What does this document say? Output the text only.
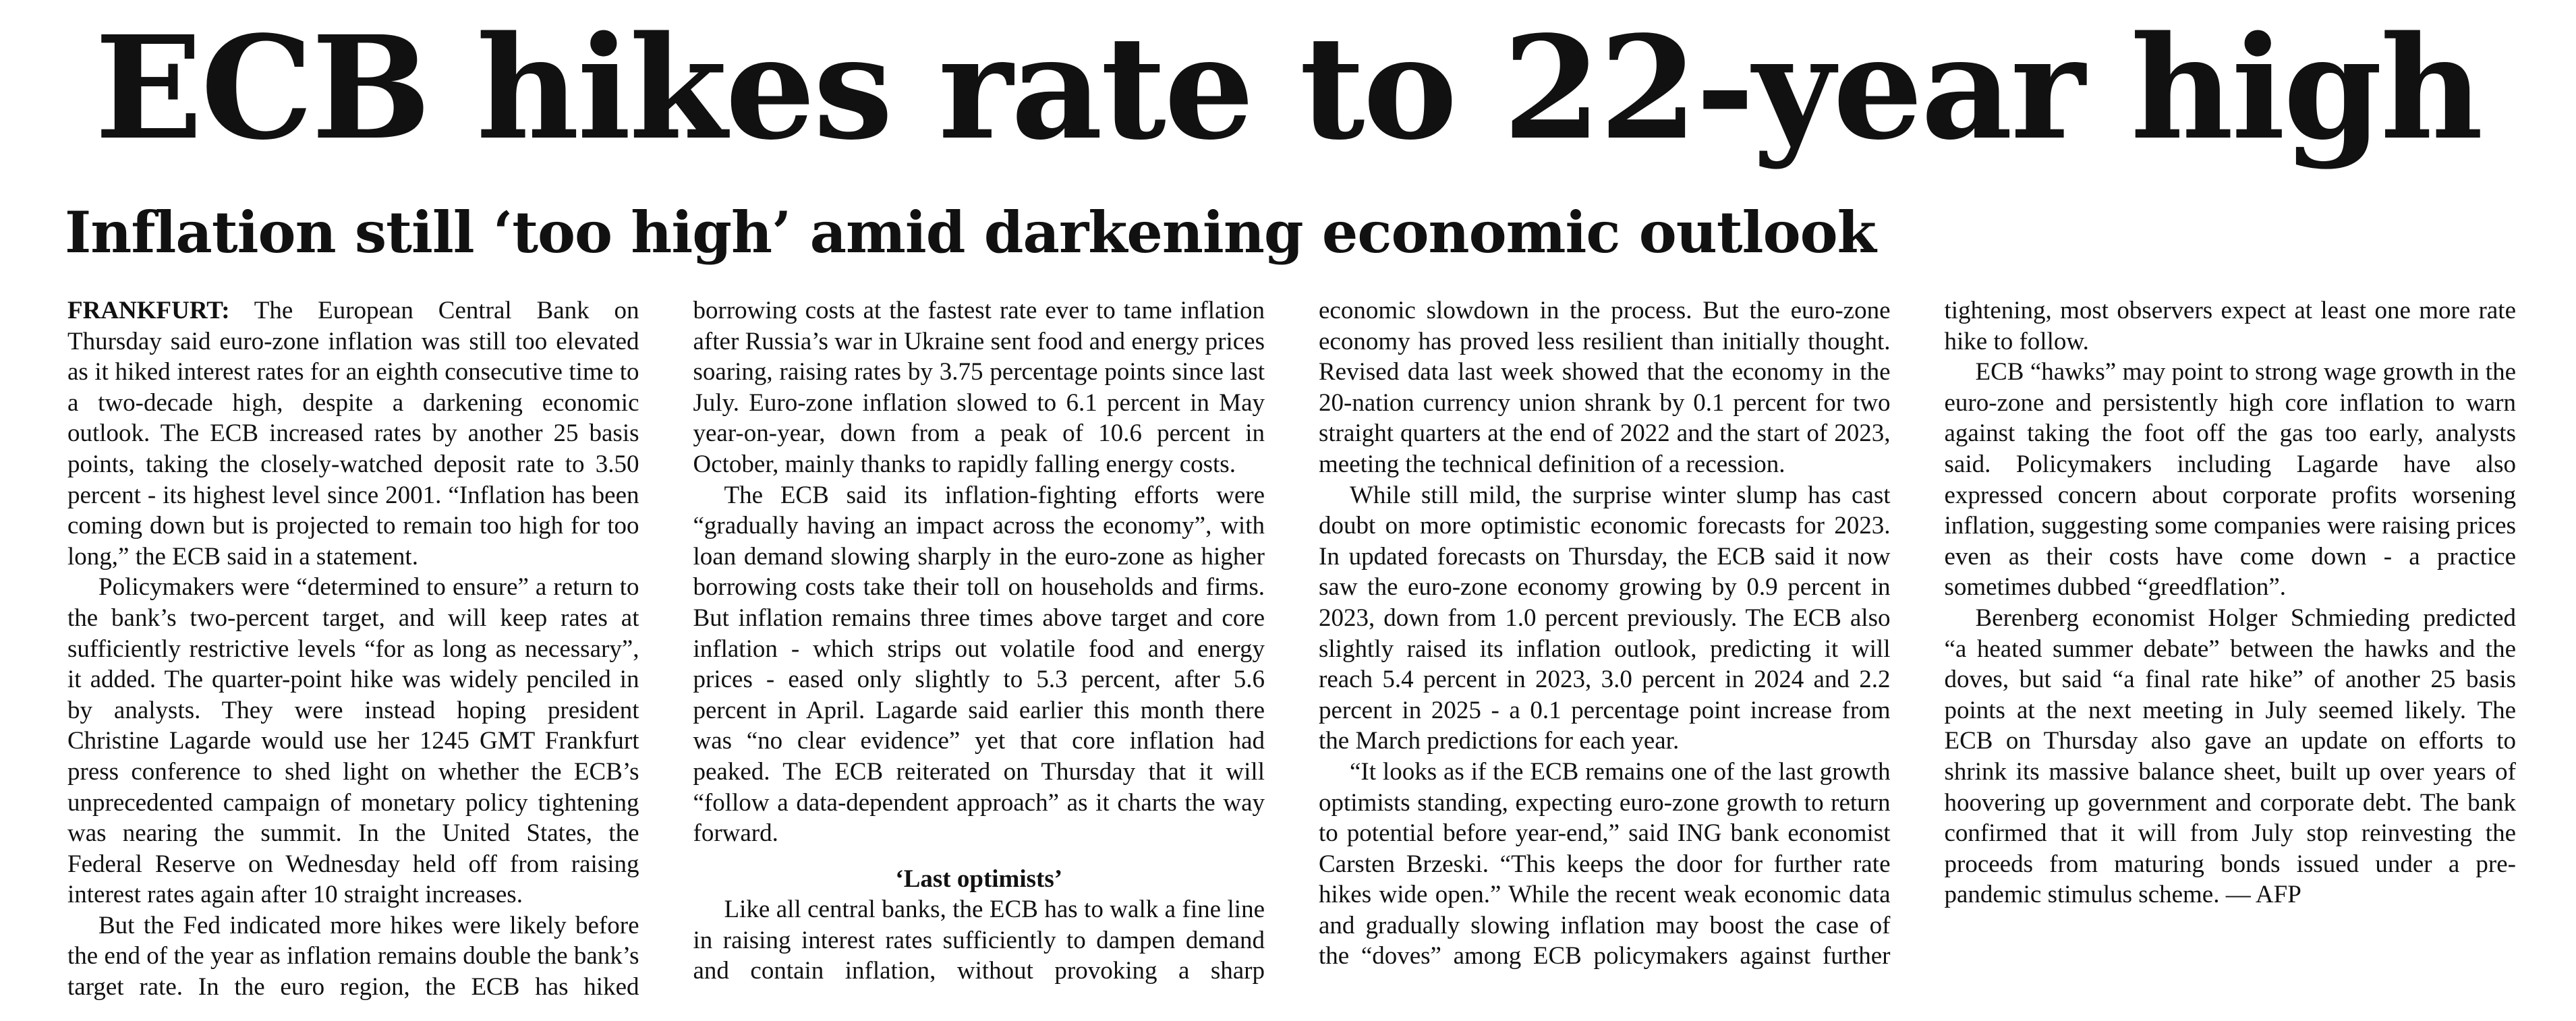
ECB hikes rate to 22-year high
Inflation still ‘too high’ amid darkening economic outlook

FRANKFURT: The European Central Bank on Thursday said euro-zone inflation was still too elevated as it hiked interest rates for an eighth consecutive time to a two-decade high, despite a darkening economic outlook. The ECB increased rates by another 25 basis points, taking the closely-watched deposit rate to 3.50 percent - its highest level since 2001. “Inflation has been coming down but is projected to remain too high for too long,” the ECB said in a statement.

Policymakers were “determined to ensure” a return to the bank’s two-percent target, and will keep rates at sufficiently restrictive levels “for as long as necessary”, it added. The quarter-point hike was widely penciled in by analysts. They were instead hoping president Christine Lagarde would use her 1245 GMT Frankfurt press conference to shed light on whether the ECB’s unprecedented campaign of monetary policy tightening was nearing the summit. In the United States, the Federal Reserve on Wednesday held off from raising interest rates again after 10 straight increases.

But the Fed indicated more hikes were likely before the end of the year as inflation remains double the bank’s target rate. In the euro region, the ECB has hiked borrowing costs at the fastest rate ever to tame inflation after Russia’s war in Ukraine sent food and energy prices soaring, raising rates by 3.75 percentage points since last July. Euro-zone inflation slowed to 6.1 percent in May year-on-year, down from a peak of 10.6 percent in October, mainly thanks to rapidly falling energy costs.

The ECB said its inflation-fighting efforts were “gradually having an impact across the economy”, with loan demand slowing sharply in the euro-zone as higher borrowing costs take their toll on households and firms. But inflation remains three times above target and core inflation - which strips out volatile food and energy prices - eased only slightly to 5.3 percent, after 5.6 percent in April. Lagarde said earlier this month there was “no clear evidence” yet that core inflation had peaked. The ECB reiterated on Thursday that it will “follow a data-dependent approach” as it charts the way forward.

‘Last optimists’

Like all central banks, the ECB has to walk a fine line in raising interest rates sufficiently to dampen demand and contain inflation, without provoking a sharp economic slowdown in the process. But the euro-zone economy has proved less resilient than initially thought. Revised data last week showed that the economy in the 20-nation currency union shrank by 0.1 percent for two straight quarters at the end of 2022 and the start of 2023, meeting the technical definition of a recession.

While still mild, the surprise winter slump has cast doubt on more optimistic economic forecasts for 2023. In updated forecasts on Thursday, the ECB said it now saw the euro-zone economy growing by 0.9 percent in 2023, down from 1.0 percent previously. The ECB also slightly raised its inflation outlook, predicting it will reach 5.4 percent in 2023, 3.0 percent in 2024 and 2.2 percent in 2025 - a 0.1 percentage point increase from the March predictions for each year.

“It looks as if the ECB remains one of the last growth optimists standing, expecting euro-zone growth to return to potential before year-end,” said ING bank economist Carsten Brzeski. “This keeps the door for further rate hikes wide open.” While the recent weak economic data and gradually slowing inflation may boost the case of the “doves” among ECB policymakers against further tightening, most observers expect at least one more rate hike to follow.

ECB “hawks” may point to strong wage growth in the euro-zone and persistently high core inflation to warn against taking the foot off the gas too early, analysts said. Policymakers including Lagarde have also expressed concern about corporate profits worsening inflation, suggesting some companies were raising prices even as their costs have come down - a practice sometimes dubbed “greedflation”.

Berenberg economist Holger Schmieding predicted “a heated summer debate” between the hawks and the doves, but said “a final rate hike” of another 25 basis points at the next meeting in July seemed likely. The ECB on Thursday also gave an update on efforts to shrink its massive balance sheet, built up over years of hoovering up government and corporate debt. The bank confirmed that it will from July stop reinvesting the proceeds from maturing bonds issued under a pre-pandemic stimulus scheme. — AFP
